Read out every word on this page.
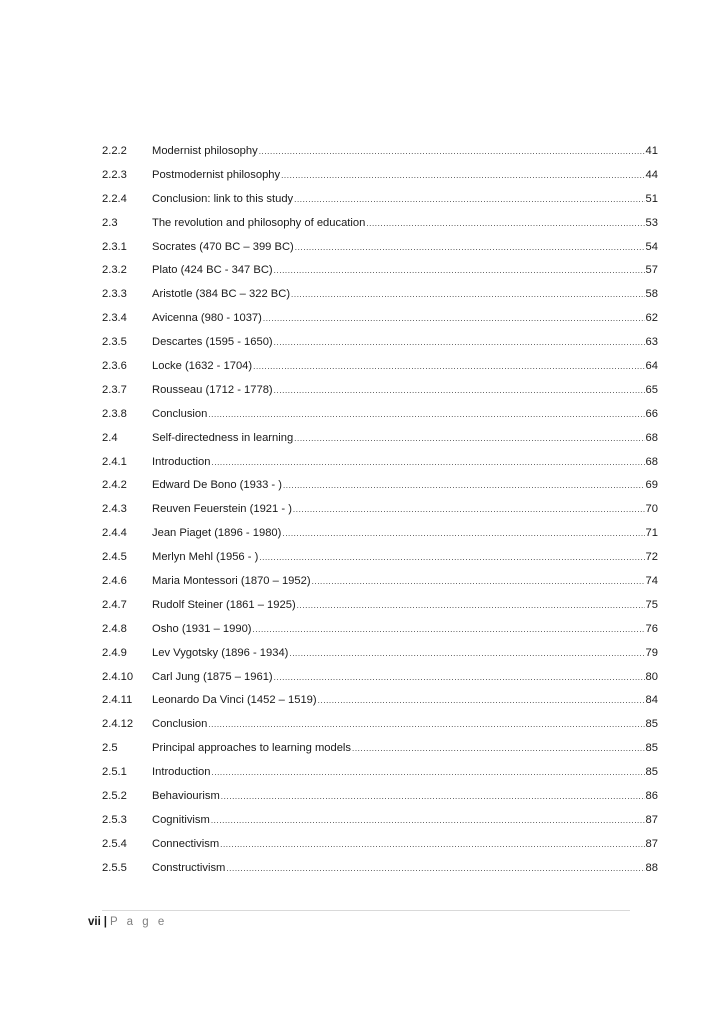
2.2.2	Modernist philosophy .....	41
2.2.3	Postmodernist philosophy .....	44
2.2.4	Conclusion: link to this study .....	51
2.3	The revolution and philosophy of education .....	53
2.3.1	Socrates (470 BC – 399 BC) .....	54
2.3.2	Plato (424 BC - 347 BC) .....	57
2.3.3	Aristotle (384 BC – 322 BC) .....	58
2.3.4	Avicenna (980 - 1037) .....	62
2.3.5	Descartes (1595 - 1650) .....	63
2.3.6	Locke (1632 - 1704) .....	64
2.3.7	Rousseau (1712 - 1778) .....	65
2.3.8	Conclusion .....	66
2.4	Self-directedness in learning .....	68
2.4.1	Introduction .....	68
2.4.2	Edward De Bono (1933 - ) .....	69
2.4.3	Reuven Feuerstein (1921 - ) .....	70
2.4.4	Jean Piaget (1896 - 1980) .....	71
2.4.5	Merlyn Mehl (1956 - ) .....	72
2.4.6	Maria Montessori (1870 – 1952) .....	74
2.4.7	Rudolf Steiner (1861 – 1925) .....	75
2.4.8	Osho (1931 – 1990) .....	76
2.4.9	Lev Vygotsky (1896 - 1934) .....	79
2.4.10	Carl Jung (1875 – 1961) .....	80
2.4.11	Leonardo Da Vinci (1452 – 1519) .....	84
2.4.12	Conclusion .....	85
2.5	Principal approaches to learning models .....	85
2.5.1	Introduction .....	85
2.5.2	Behaviourism .....	86
2.5.3	Cognitivism .....	87
2.5.4	Connectivism .....	87
2.5.5	Constructivism .....	88
vii | P a g e
